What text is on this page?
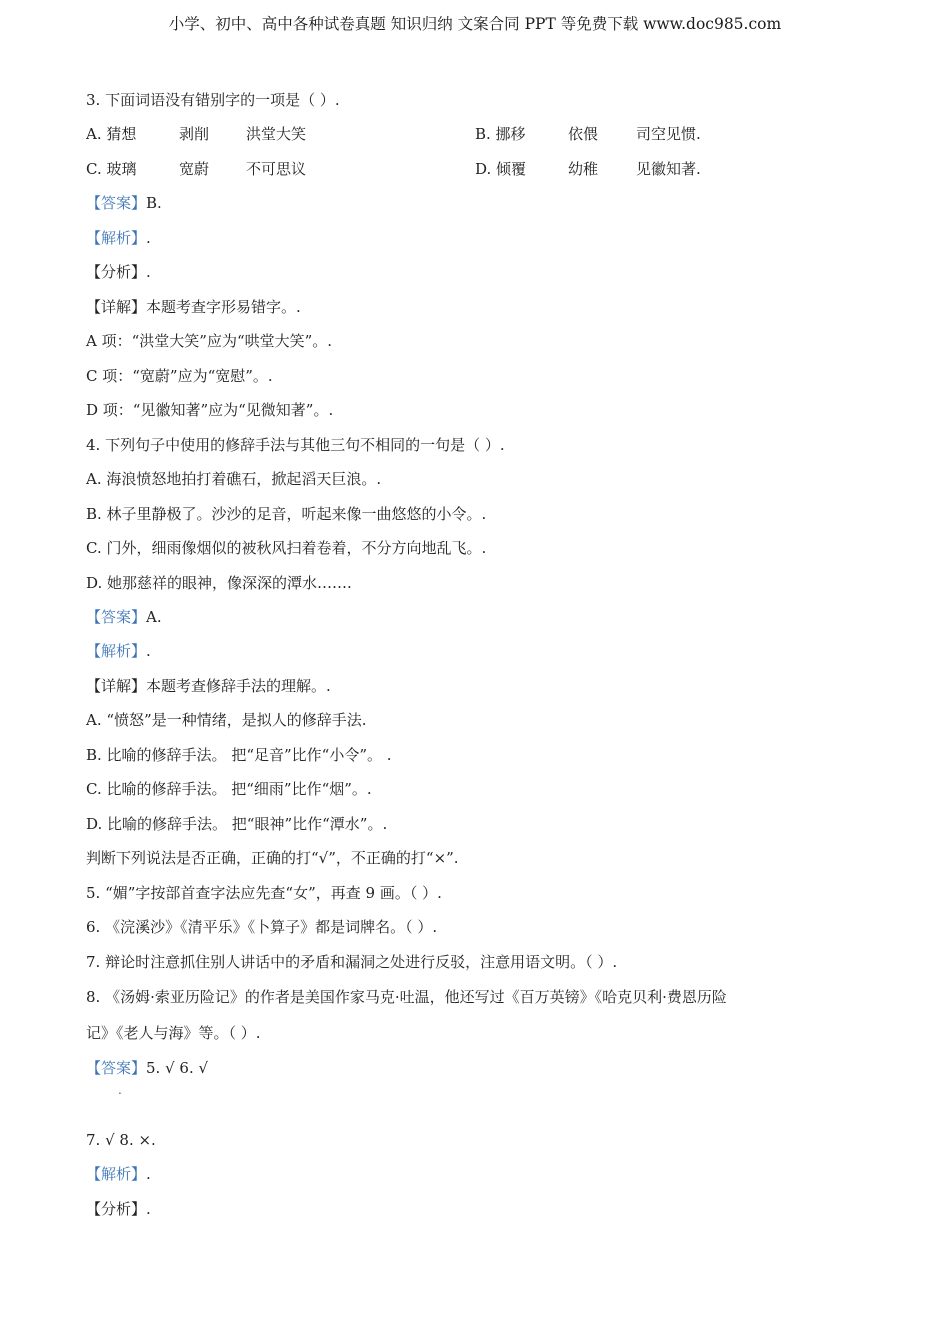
小学、初中、高中各种试卷真题 知识归纳 文案合同 PPT 等免费下载 www.doc985.com
3. 下面词语没有错别字的一项是（ ）.
A. 猜想	剥削 洪堂大笑	B. 挪移	依偎	司空见惯.
C. 玻璃	宽蔚 不可思议	D. 倾覆	幼稚	见徽知著.
【答案】B.
【解析】.
【分析】.
【详解】本题考查字形易错字。.
A 项：“洪堂大笑”应为“哄堂大笑”。.
C 项：“宽蔚”应为“宽慰”。.
D 项：“见徽知著”应为“见微知著”。.
4. 下列句子中使用的修辞手法与其他三句不相同的一句是（ ）.
A. 海浪愤怒地拍打着礁石，掀起滔天巨浪。.
B. 林子里静极了。沙沙的足音，听起来像一曲悠悠的小令。.
C. 门外，细雨像烟似的被秋风扫着卷着，不分方向地乱飞。.
D. 她那慈祥的眼神，像深深的潭水…….
【答案】A.
【解析】.
【详解】本题考查修辞手法的理解。.
A. “愤怒”是一种情绪，是拟人的修辞手法.
B. 比喻的修辞手法。 把“足音”比作“小令”。 .
C. 比喻的修辞手法。 把“细雨”比作“烟”。.
D. 比喻的修辞手法。 把“眼神”比作“潭水”。.
判断下列说法是否正确，正确的打“√”，不正确的打“×”.
5. “媚”字按部首查字法应先查“女”，再查 9 画。（ ）.
6. 《浣溪沙》《清平乐》《卜算子》都是词牌名。（ ）.
7. 辩论时注意抓住别人讲话中的矛盾和漏洞之处进行反驳，注意用语文明。（ ）.
8. 《汤姆·索亚历险记》的作者是美国作家马克·吐温，他还写过《百万英镑》《哈克贝利·费恩历险
记》《老人与海》等。（ ）.
【答案】5. √ 6. √
.
7. √ 8. ×.
【解析】.
【分析】.
